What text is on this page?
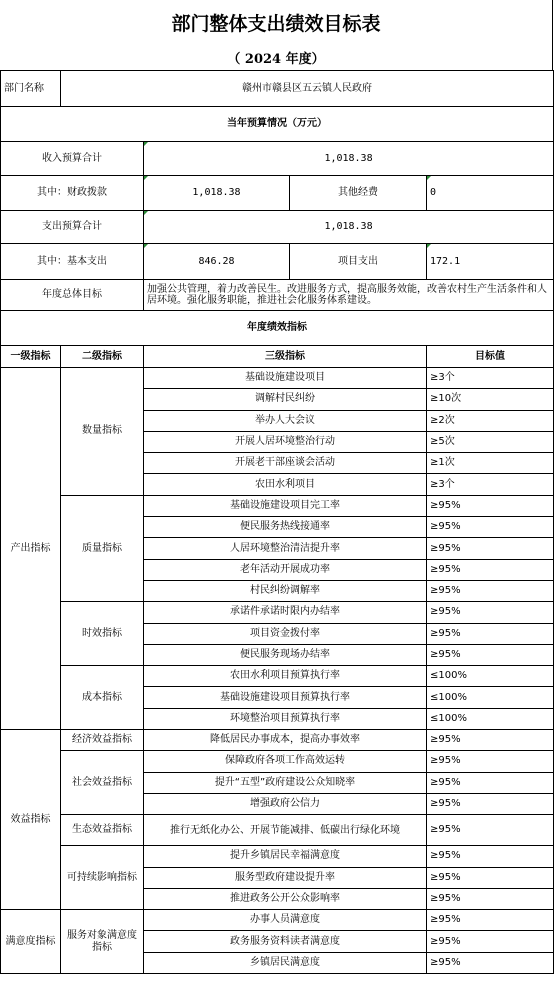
部门整体支出绩效目标表
（ 2024 年度）
部门名称	赣州市赣县区五云镇人民政府			
当年预算情况（万元）				
收入预算合计		1,018.38		
其中：财政拨款		1,018.38	其他经费	0
支出预算合计		1,018.38		
其中：基本支出		846.28	项目支出	172.1
年度总体目标		加强公共管理，着力改善民生。改进服务方式，提高服务效能，改善农村生产生活条件和人居环境。强化服务职能，推进社会化服务体系建设。		
年度绩效指标				
一级指标	二级指标	三级指标		目标值
产出指标	数量指标	基础设施建设项目		≥3个
		调解村民纠纷		≥10次
		举办人大会议		≥2次
		开展人居环境整治行动		≥5次
		开展老干部座谈会活动		≥1次
		农田水利项目		≥3个
	质量指标	基础设施建设项目完工率		≥95%
		便民服务热线接通率		≥95%
		人居环境整治清洁提升率		≥95%
		老年活动开展成功率		≥95%
		村民纠纷调解率		≥95%
	时效指标	承诺件承诺时限内办结率		≥95%
		项目资金拨付率		≥95%
		便民服务现场办结率		≥95%
	成本指标	农田水利项目预算执行率		≤100%
		基础设施建设项目预算执行率		≤100%
		环境整治项目预算执行率		≤100%
效益指标	经济效益指标	降低居民办事成本，提高办事效率		≥95%
	社会效益指标	保障政府各项工作高效运转		≥95%
		提升“五型”政府建设公众知晓率		≥95%
		增强政府公信力		≥95%
	生态效益指标	推行无纸化办公、开展节能减排、低碳出行绿化环境		≥95%
	可持续影响指标	提升乡镇居民幸福满意度		≥95%
		服务型政府建设提升率		≥95%
		推进政务公开公众影响率		≥95%
满意度指标	服务对象满意度指标	办事人员满意度		≥95%
		政务服务资料读者满意度		≥95%
		乡镇居民满意度		≥95%
